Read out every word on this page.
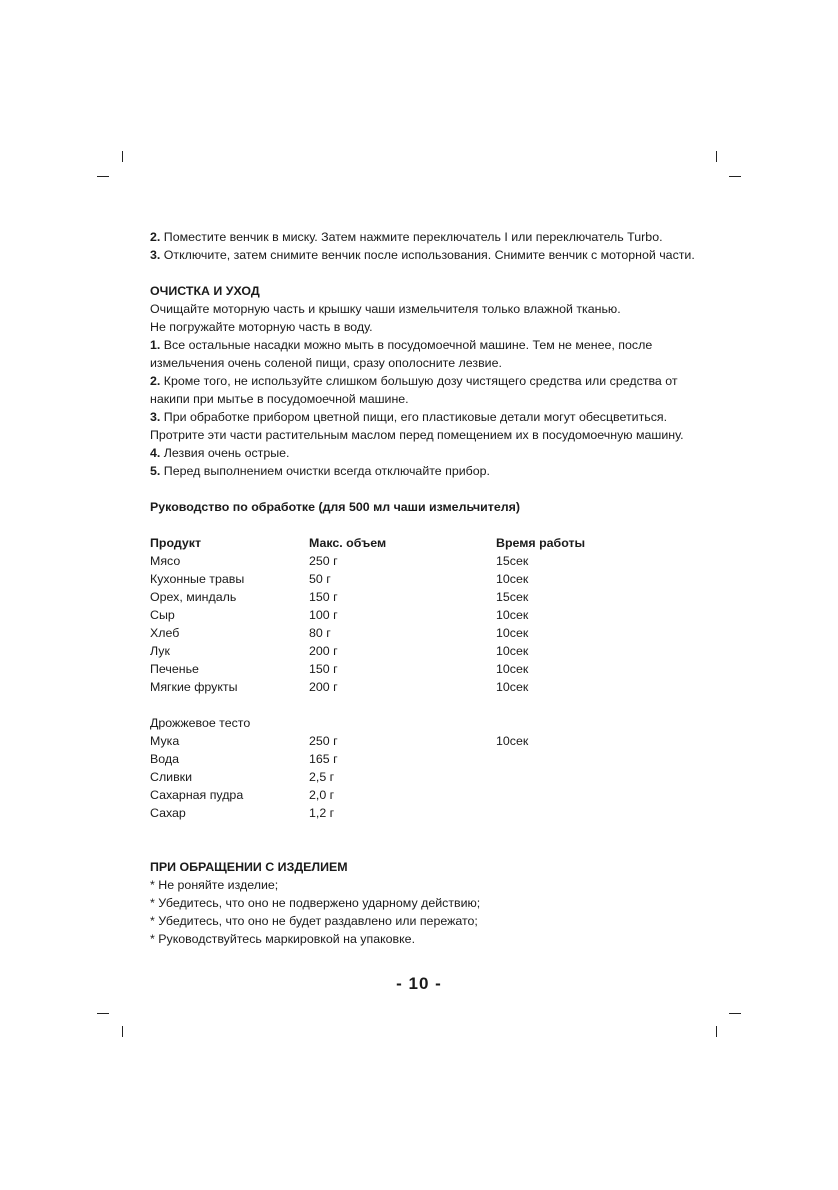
2. Поместите венчик в миску. Затем нажмите переключатель I или переключатель Turbo.

3. Отключите, затем снимите венчик после использования. Снимите венчик с моторной части.

ОЧИСТКА И УХОД

Очищайте моторную часть и крышку чаши измельчителя только влажной тканью.

Не погружайте моторную часть в воду.

1. Все остальные насадки можно мыть в посудомоечной машине. Тем не менее, после измельчения очень соленой пищи, сразу ополосните лезвие.

2. Кроме того, не используйте слишком большую дозу чистящего средства или средства от накипи при мытье в посудомоечной машине.

3. При обработке прибором цветной пищи, его пластиковые детали могут обесцветиться. Протрите эти части растительным маслом перед помещением их в посудомоечную машину.

4. Лезвия очень острые.

5. Перед выполнением очистки всегда отключайте прибор.

Руководство по обработке (для 500 мл чаши измельчителя)

Продукт	Макс. объем	Время работы
Мясо	250 г	15сек
Кухонные травы	50 г	10сек
Орех, миндаль	150 г	15сек
Сыр	100 г	10сек
Хлеб	80 г	10сек
Лук	200 г	10сек
Печенье	150 г	10сек
Мягкие фрукты	200 г	10сек

Дрожжевое тесто		
Мука	250 г	10сек
Вода	165 г	
Сливки	2,5 г	
Сахарная пудра	2,0 г	
Сахар	1,2 г	

ПРИ ОБРАЩЕНИИ С ИЗДЕЛИЕМ

* Не роняйте изделие;

* Убедитесь, что оно не подвержено ударному действию;

* Убедитесь, что оно не будет раздавлено или пережато;

* Руководствуйтесь маркировкой на упаковке.

- 10 -
